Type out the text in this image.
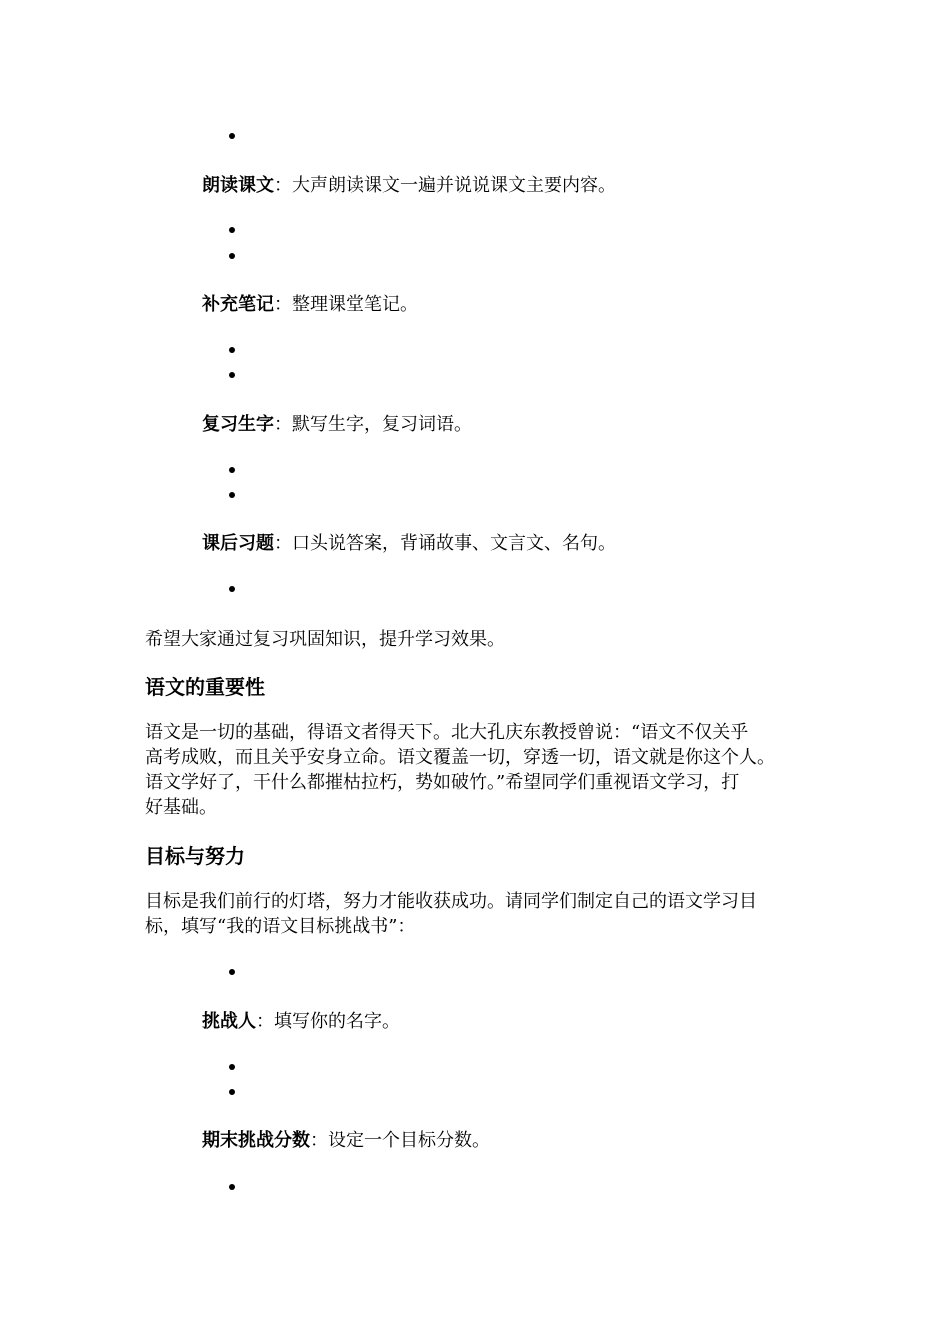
朗读课文：大声朗读课文一遍并说说课文主要内容。
补充笔记：整理课堂笔记。
复习生字：默写生字，复习词语。
课后习题：口头说答案，背诵故事、文言文、名句。
希望大家通过复习巩固知识，提升学习效果。
语文的重要性
语文是一切的基础，得语文者得天下。北大孔庆东教授曾说：“语文不仅关乎
高考成败，而且关乎安身立命。语文覆盖一切，穿透一切，语文就是你这个人。
语文学好了，干什么都摧枯拉朽，势如破竹。”希望同学们重视语文学习，打
好基础。
目标与努力
目标是我们前行的灯塔，努力才能收获成功。请同学们制定自己的语文学习目
标，填写“我的语文目标挑战书”：
挑战人：填写你的名字。
期末挑战分数：设定一个目标分数。
